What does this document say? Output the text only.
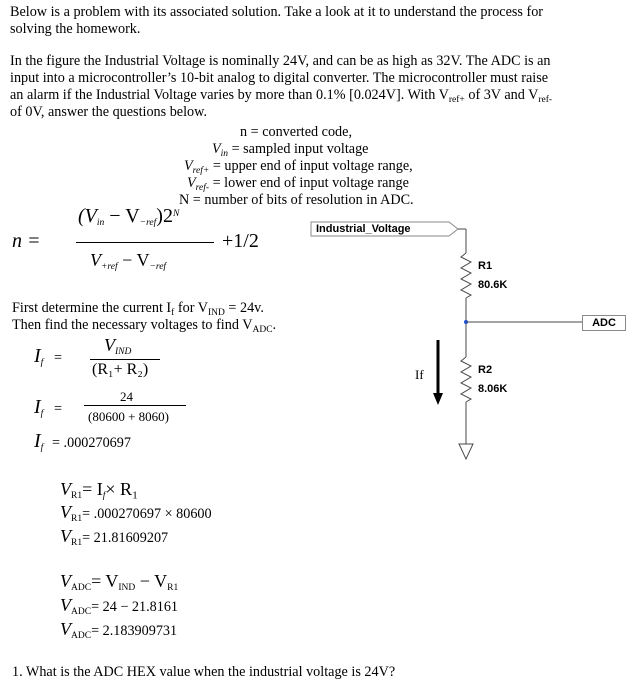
Below is a problem with its associated solution. Take a look at it to understand the process for
solving the homework.
In the figure the Industrial Voltage is nominally 24V, and can be as high as 32V. The ADC is an
input into a microcontroller’s 10-bit analog to digital converter. The microcontroller must raise
an alarm if the Industrial Voltage varies by more than 0.1% [0.024V]. With $V_{ref+}$ of 3V and $V_{ref-}$
of 0V, answer the questions below.
n = converted code,
$V_{in}$ = sampled input voltage
$V_{ref+}$ = upper end of input voltage range,
$V_{ref-}$ = lower end of input voltage range
N = number of bits of resolution in ADC.
n =
$(Vin - V-ref)2^N$
V+ref − V−ref
+1/2
First determine the current $I_f$ for $V_{IND} = 24v$.
Then find the necessary voltages to find $V_{ADC}$.
If =
VIND
(R₁+ R₂)
If =
24
(80600 + 8060)
If = .000270697
VR1= If× R₁
$V_{R1}= .000270697 \times 80600$
$V_{R1}= 21.81609207$
VADC= VIND − VR1
$V_{ADC}= 24 - 21.8161$
$V_{ADC}= 2.183909731$
1. What is the ADC HEX value when the industrial voltage is 24V?
Industrial_Voltage
R1
80.6K
R2
8.06K
ADC
If
